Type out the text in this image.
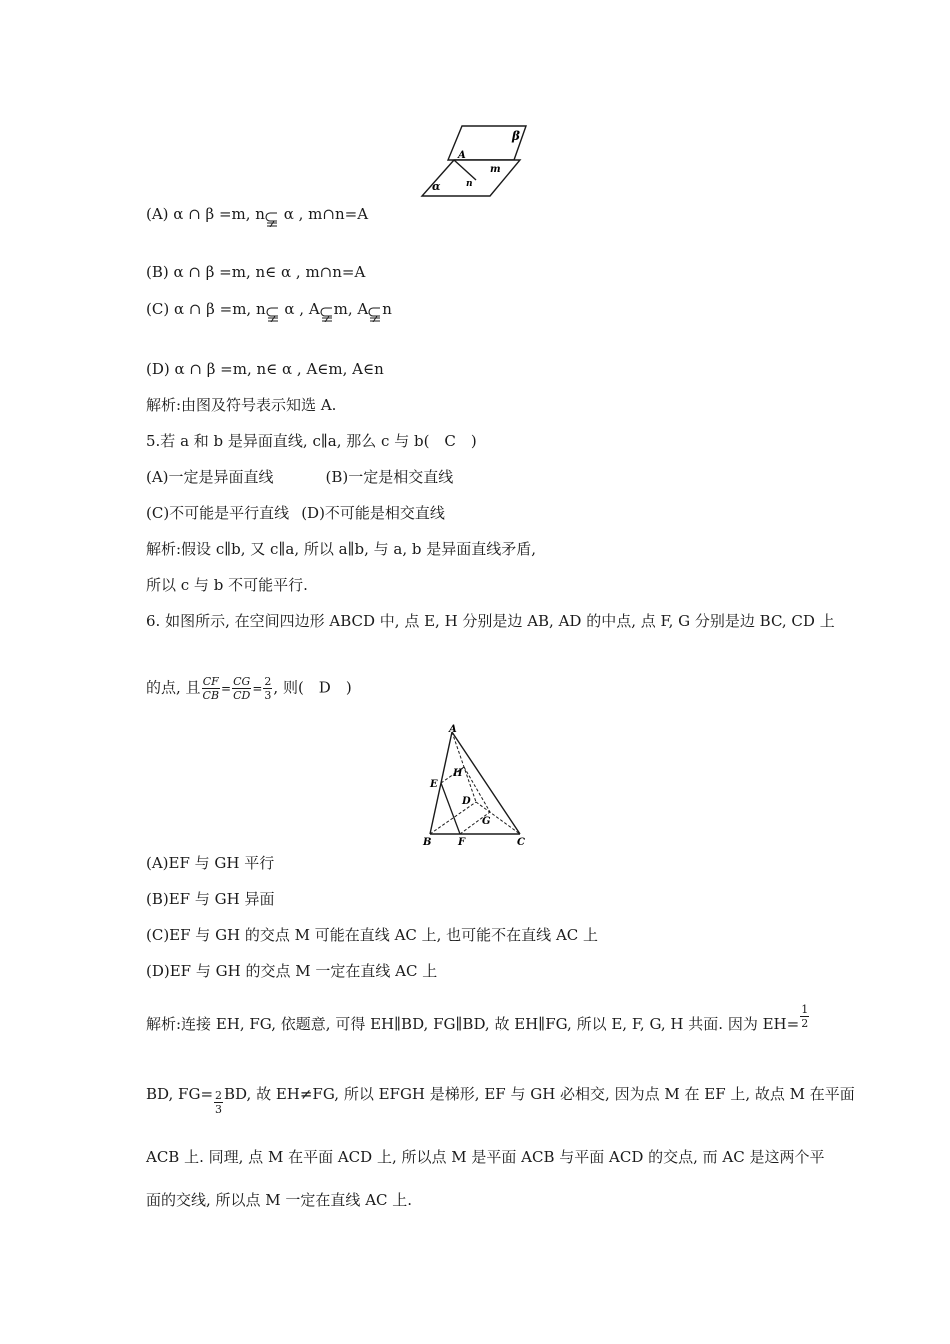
β
A
m
n
α
(A) α ∩ β =m, n
α , m∩n=A
(B) α ∩ β =m, n∈ α , m∩n=A
(C) α ∩ β =m, n
α , A m, A n
(D) α ∩ β =m, n∈ α , A∈m, A∈n
解析:由图及符号表示知选 A.
5.若 a 和 b 是异面直线, c∥a, 那么 c 与 b(　C　)
(A)一定是异面直线	(B)一定是相交直线
(C)不可能是平行直线 (D)不可能是相交直线
解析:假设 c∥b, 又 c∥a, 所以 a∥b, 与 a, b 是异面直线矛盾,
所以 c 与 b 不可能平行.
6. 如图所示, 在空间四边形 ABCD 中, 点 E, H 分别是边 AB, AD 的中点, 点 F, G 分别是边 BC, CD 上
的点, 且 $\frac{CF}{CB} = \frac{CG}{CD} = \frac{2}{3}$ , 则(　D　)
A
H
E
D
G
B	F	C
(A)EF 与 GH 平行
(B)EF 与 GH 异面
(C)EF 与 GH 的交点 M 可能在直线 AC 上, 也可能不在直线 AC 上
(D)EF 与 GH 的交点 M 一定在直线 AC 上
解析:连接 EH, FG, 依题意, 可得 EH∥BD, FG∥BD, 故 EH∥FG, 所以 E, F, G, H 共面. 因为 $EH= \frac{1}{2}$
BD, $FG= \frac{2}{3}$ BD, 故 EH≠FG, 所以 EFGH 是梯形, EF 与 GH 必相交, 因为点 M 在 EF 上, 故点 M 在平面
ACB 上. 同理, 点 M 在平面 ACD 上, 所以点 M 是平面 ACB 与平面 ACD 的交点, 而 AC 是这两个平
面的交线, 所以点 M 一定在直线 AC 上.
